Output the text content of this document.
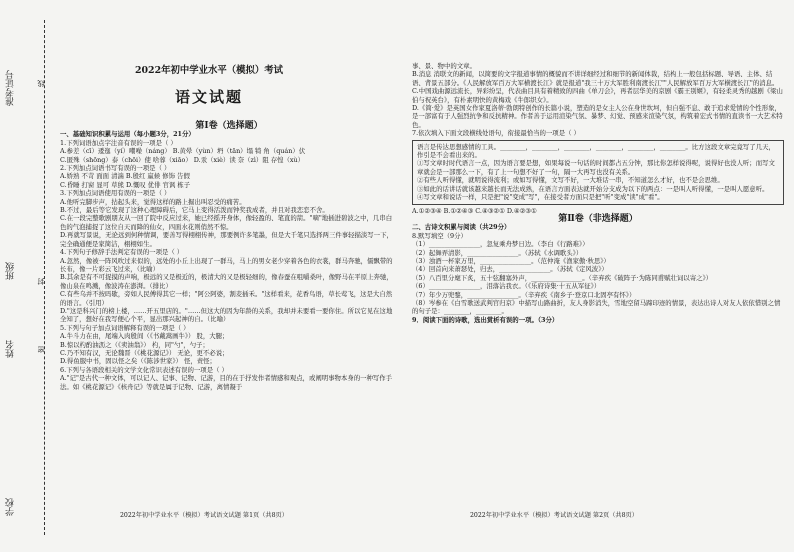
准考证号
班级
姓名
学校
线
封
密
2022年初中学业水平（模拟）考试
语文试题

第Ⅰ卷（选择题）

一、基础知识积累与运用（每小题3分，21分）

1.下列词语加点字注音有误的一项是（ ）

A.参差（cī）逶迤（yí）嘲噪（náng） B.黄晕（yùn）坍（tān）塌 犄 角（quán）伏

C.匿殊（shōng）泰（chōi）使 啥蓉（xiāo） D.汞（xiè）读 奈（zì）阻 存惶（xù）

2.下列加点词语书写有误的一项是（ ）

A.娇熟 不苛 面面 清湍 B.殷红 羸候 修饰 告假

C.昏睡 打窗 显可 草熊 D.慨叹 优俳 官讽 栋子

3.下列加点词语使用有误的一项是（ ）

A.他听完脚步声，拈起头来，觉得这样的路上掘出叫忍受的痛苦。

B.不过，最后等它发现了这种心理障碍后，它马上变得活泼而钟奖我成者，并且对我恋恋不舍。

C.在一段完整歌剧朋友从一回了院中反应过来，她已经摇开身体，像轻盈的、笔直的箭。"嘀"地插进碧波之中，几串白色的气泡捕捉了这位自天而降的仙女，四面水花则俏然不惊。

D.再就写景说，无论远到何种情调，要善写得栩栩传神，那要例许多笔墨，但是大千笔只选择两三件事轻描淡写一下，完全确通便是家简洁，栩栩如生。

4.下列句子修辞手法判定有误的一项是（ ）

A.忽然，像被一阵风吹过来似的，远处的小丘上出现了一群马，马上的男女老少穿着各色的衣裳，群马奔驰，儒飘带的长布，像一片彩云飞过来，（比喻）

B.其余是有不可捉摸的声响，极远的又是极近的，极清大的又是极轻细的，像春蚕在咀嚼桑叶，像野马在平原上奔驰，像山泉在鸣溅，像波涛在澎湃。（排比）

C.有些乌并不按吗歇，旁如人民傅得其它一样；"阿公阿婆，割麦插禾。"这样看来，花香鸟语，草长莺飞，这是大自然的语言。（引用）

D."这是科兴门的榜上楼，……开五里店的。"……但这大的因为年龄的关系，我却并未要看一要你住。所以它见在这地全知了，想好在我写便心个平，显出那兴起神的自。（比喻）

5.下列与句子加点词语解释有误的一项是（ ）

A.牛斗力在由，尾端入肉殷间（《书戴嵩画牛》） 股，大腿；

B.惊以杓酌油沥之（《卖油翁》） 杓，同"勺"，勺子；

C.乃不知有汉，无论魏晋（《桃花源记》） 无论，更不必说；

D.得鱼服中书，固以怪之矣（《陈涉世家》） 怪，责怪；

6.下列与各语段相关的文学文化常识表述有误的一项是（ ）

A."记"是古代一种文体，可以记人、记事、记物、记游，目的在于抒发作者情感和观点，或阐明事物本身的一种写作手法。如《桃花源记》《核舟记》等就是属于记物、记游，离情凝于

事、景、物中的文章。

B.消息 消联文的新闻，以简要的文字报道事情的概貌而不讲详细经过和细节的新闻体裁，结构上一般包括标题、导语、主体、结语、背景五部分。《人民解放军百万大军横渡长江》就是报道"我三十万大军胜利南渡长江""人民解放军百万大军横渡长江"的消息。

C.中国戏曲源远流长，异彩纷呈，代表曲目具有着精致的四曲《单刀会》，再者层华美的京剧《霸王别姬》，有轻柔灵秀的越剧《梁山伯与祝英台》，有朴素明快的黄梅戏《牛郎织女》。

D.《简·爱》是英国女作家夏洛蒂·勃朗特创作的长篇小说，塑造的是女主人公在身世坎坷，但自强不息、敢于追求爱情的个性形象，是一部富有于人强烈抗争和反抗精神。作者善于运用渲染气氛、暴梦、幻觉、预感来渲染气氛，构筑着宏式书情的直读书一大艺术特色。

7.依次填入下面文段横线处语句，衔接最恰当的一项是（ ）

语言是传达思想感情的工具。________，________，________，________，________，________。比方这段文章完竟写了几天，作引是不会看出来的。

①写文章时时代语言一点，因为语言要是想，如果每说一句话的时间都占五分钟，那比你怎样说得呢，说得好也没人听；而写文章就会是一部那么一下，有了上一句想不好了一句，隔一大再写也没有关系。

②有些人听得懂，就明说得流利；或如写得懂，文写不好，一大堆话一串，不知道怎么才好，也不是会思维。

③如此的话讲话就该越来越长而无法成熟，在语言方面表达就开始分支成为以下的两点：一是叫人听得懂，一是叫人愿意听。

④写文章和说话一样，只是把"说"变成"写"，在接受者方面只是把"听"变成"读"成"看"。

A.①②③④ B.①②④③ C.④③②① D.④②③①

第Ⅱ卷（非选择题）

二、古诗文积累与阅读（共29分）

8.默写填空（9分）

（1）________________，忽复乘舟梦日边。（李白《行路难》）

（2）起舞弄清影，________________。（苏轼《水调歌头》）

（3）浊酒一杯家万里，________________。（范仲淹《渔家傲·秋思》）

（4）回首向来萧瑟处，归去，________________。（苏轼《定风波》）

（5）八百里分麾下炙，五十弦翻塞外声，________________。（辛弃疾《破阵子·为陈同甫赋壮词以寄之》）

（6）________________，泪落沾我衣。（《乐府诗集·十五从军征》）

（7）年少万兜鍪，________________。（辛弃疾《南乡子·登京口北固亭有怀》）

（8）岑参在《白雪歌送武判官归京》中描写山路曲折，友人身影消失，雪地空留马蹄印迹的情景，表达出诗人对友人依依惜别之情的句子是：________，________。

9．阅读下面的诗歌，选出赏析有误的一项。（3分）

2022年初中学业水平（模拟）考试语文试题 第1页（共8页）	2022年初中学业水平（模拟）考试语文试题 第2页（共8页）
